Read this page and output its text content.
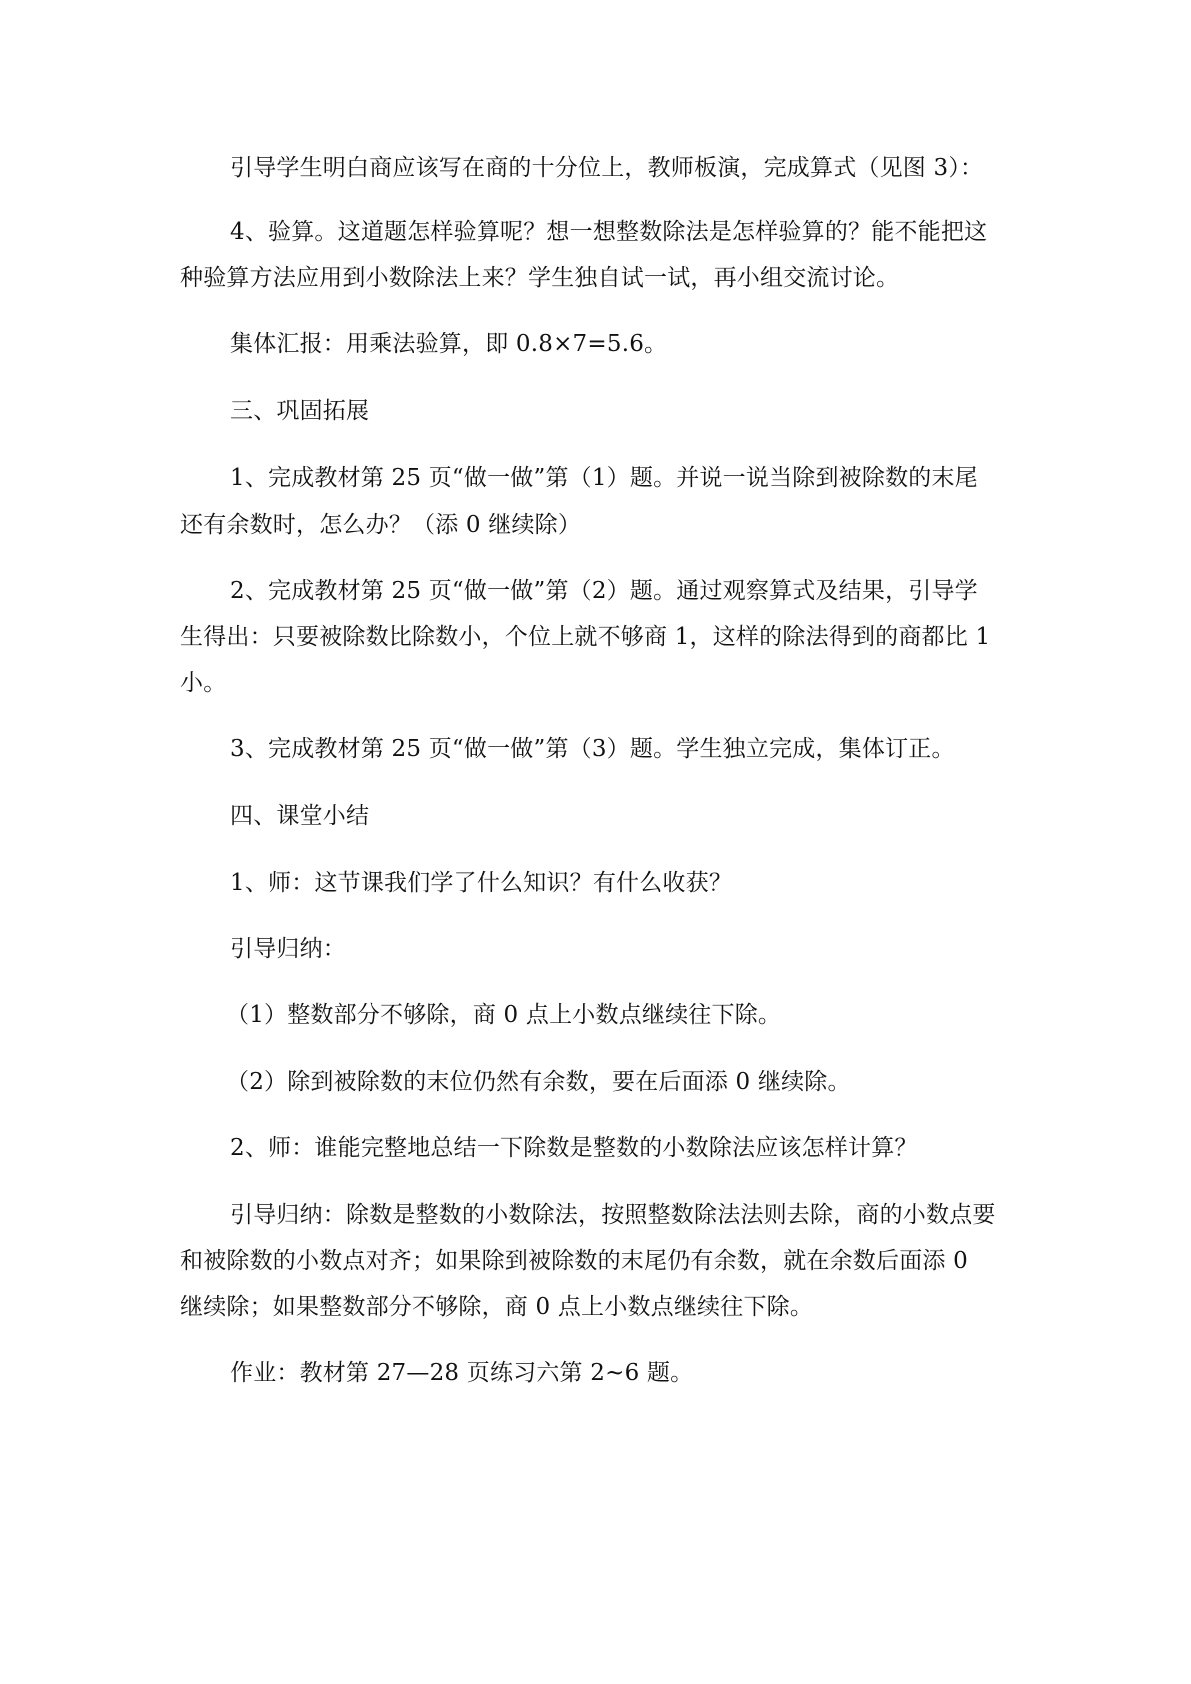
引导学生明白商应该写在商的十分位上，教师板演，完成算式（见图 3）：
4、验算。这道题怎样验算呢？想一想整数除法是怎样验算的？能不能把这
种验算方法应用到小数除法上来？学生独自试一试，再小组交流讨论。
集体汇报：用乘法验算，即 0.8×7=5.6。
三、巩固拓展
1、完成教材第 25 页“做一做”第（1）题。并说一说当除到被除数的末尾
还有余数时，怎么办？（添 0 继续除）
2、完成教材第 25 页“做一做”第（2）题。通过观察算式及结果，引导学
生得出：只要被除数比除数小，个位上就不够商 1，这样的除法得到的商都比 1
小。
3、完成教材第 25 页“做一做”第（3）题。学生独立完成，集体订正。
四、课堂小结
1、师：这节课我们学了什么知识？有什么收获？
引导归纳：
（1）整数部分不够除，商 0 点上小数点继续往下除。
（2）除到被除数的末位仍然有余数，要在后面添 0 继续除。
2、师：谁能完整地总结一下除数是整数的小数除法应该怎样计算？
引导归纳：除数是整数的小数除法，按照整数除法法则去除，商的小数点要
和被除数的小数点对齐；如果除到被除数的末尾仍有余数，就在余数后面添 0
继续除；如果整数部分不够除，商 0 点上小数点继续往下除。
作业：教材第 27—28 页练习六第 2~6 题。
